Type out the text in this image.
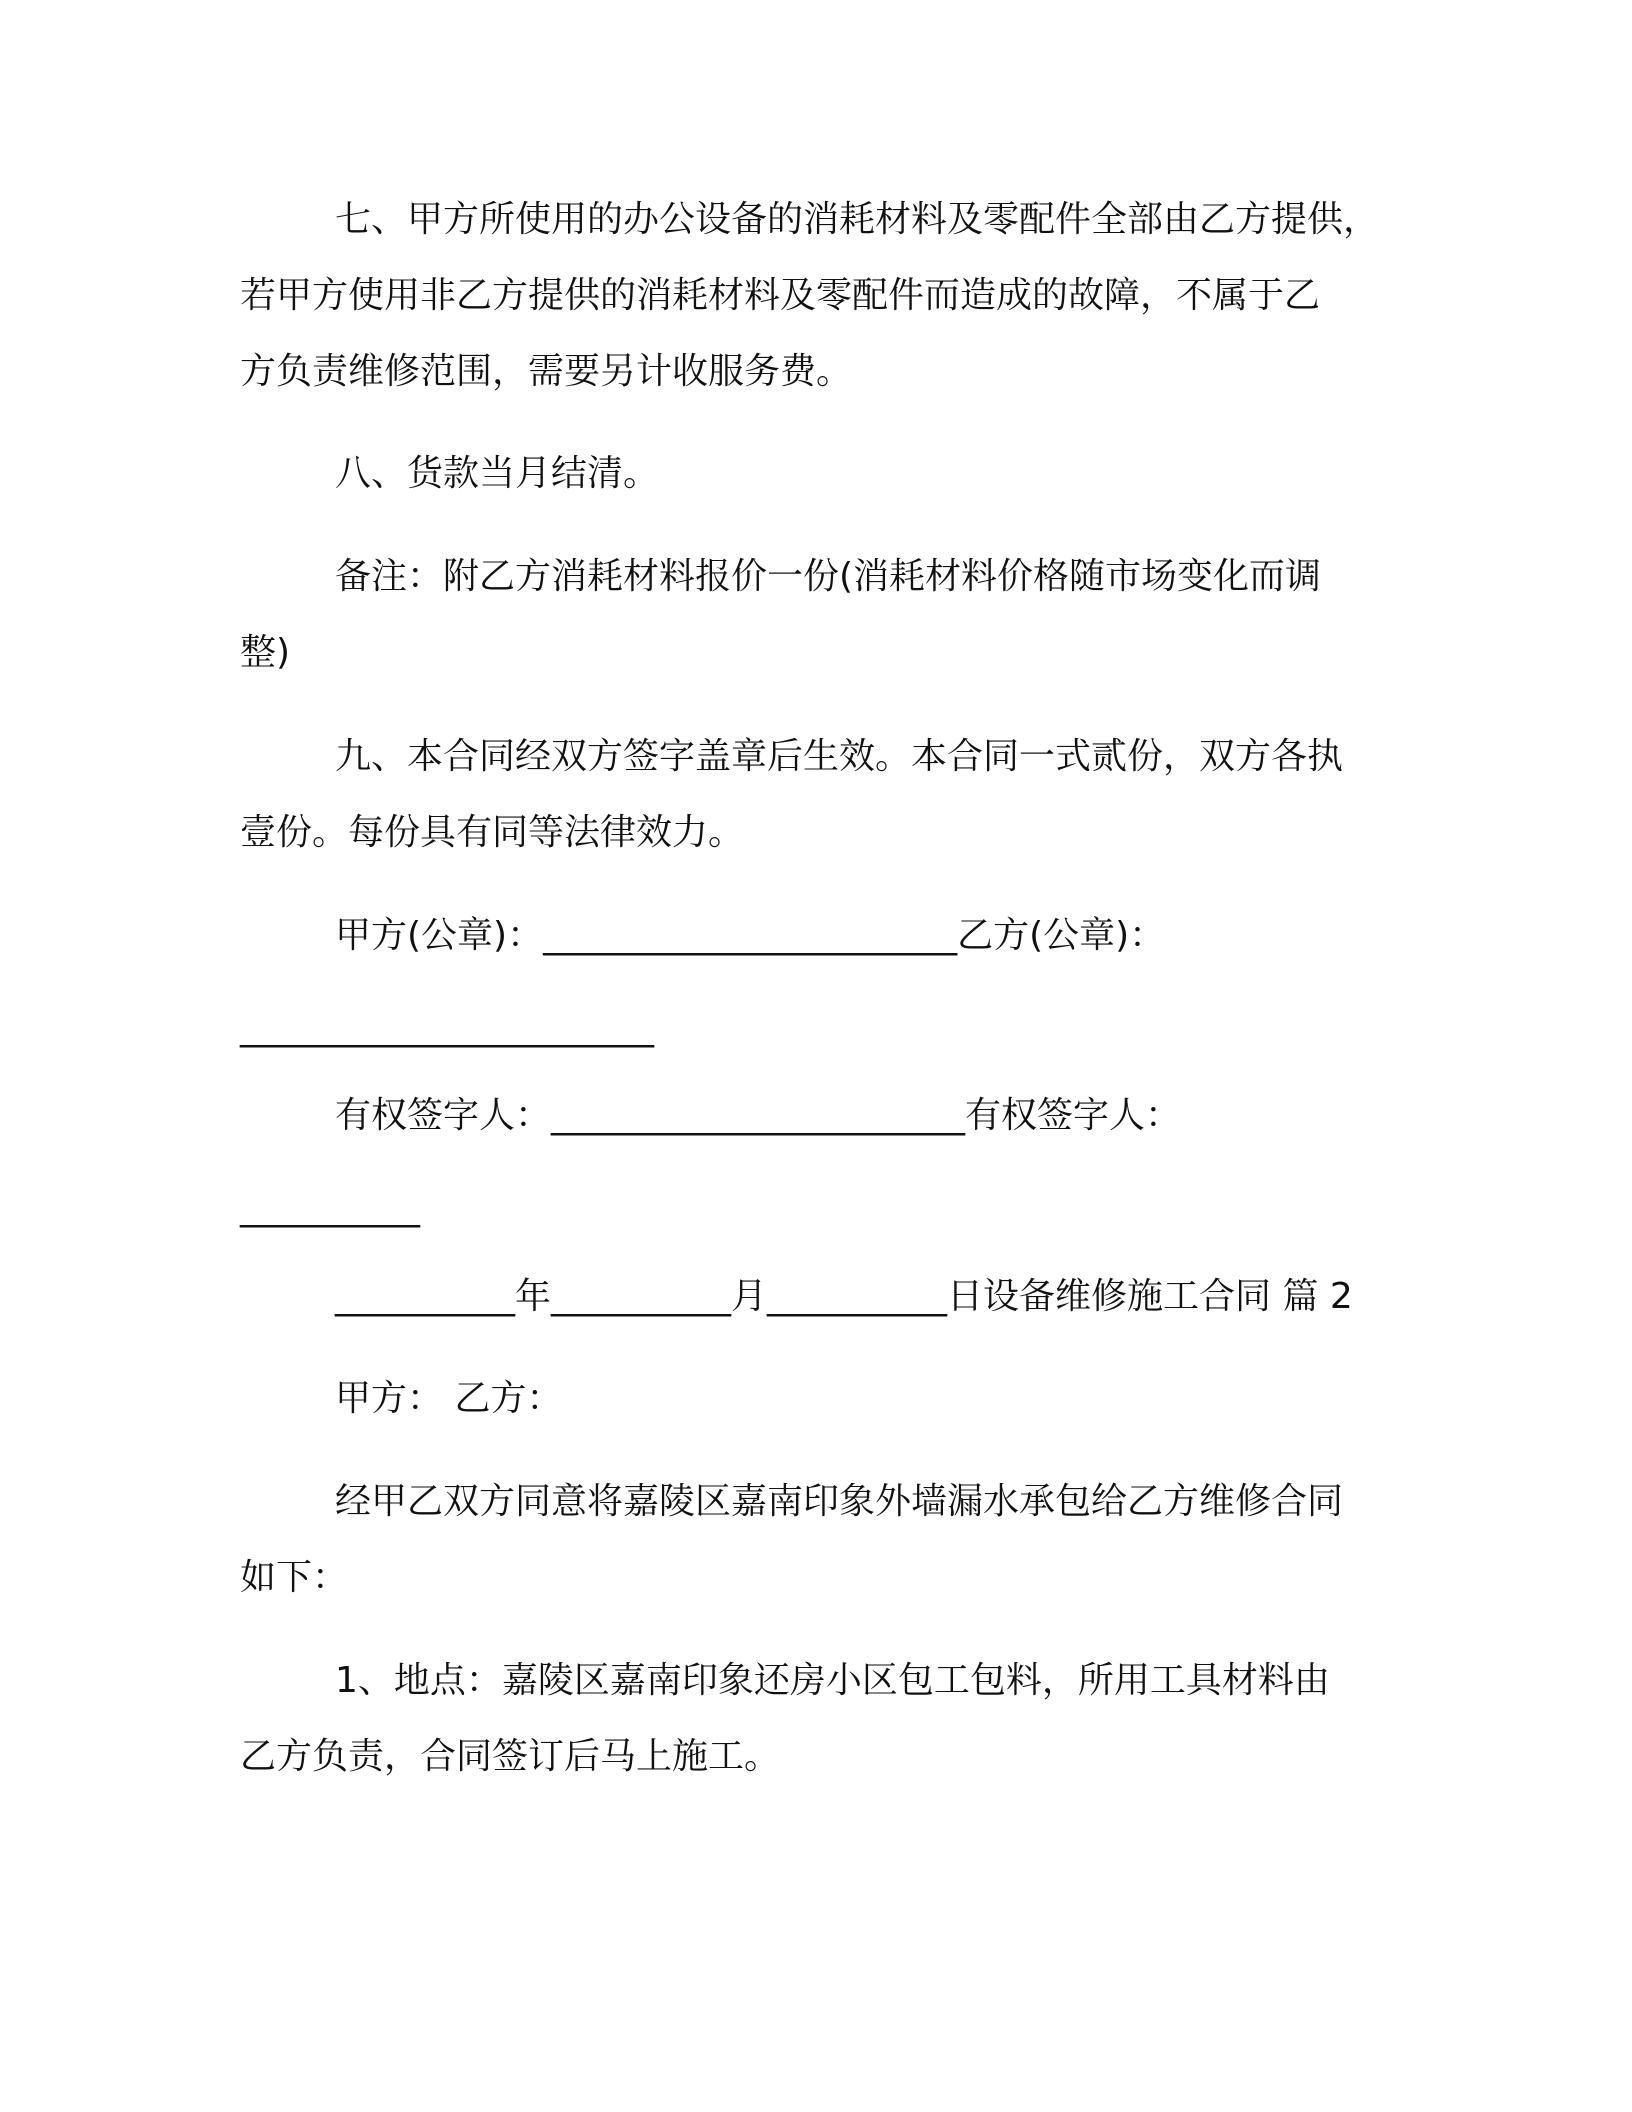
七、甲方所使用的办公设备的消耗材料及零配件全部由乙方提供，
若甲方使用非乙方提供的消耗材料及零配件而造成的故障，不属于乙
方负责维修范围，需要另计收服务费。
八、货款当月结清。
备注：附乙方消耗材料报价一份(消耗材料价格随市场变化而调
整)
九、本合同经双方签字盖章后生效。本合同一式贰份，双方各执
壹份。每份具有同等法律效力。
甲方(公章)：_______________________乙方(公章)：
_______________________
有权签字人：_______________________有权签字人：
__________
__________年__________月__________日设备维修施工合同 篇 2
甲方： 乙方：
经甲乙双方同意将嘉陵区嘉南印象外墙漏水承包给乙方维修合同
如下：
1、地点：嘉陵区嘉南印象还房小区包工包料，所用工具材料由
乙方负责，合同签订后马上施工。
